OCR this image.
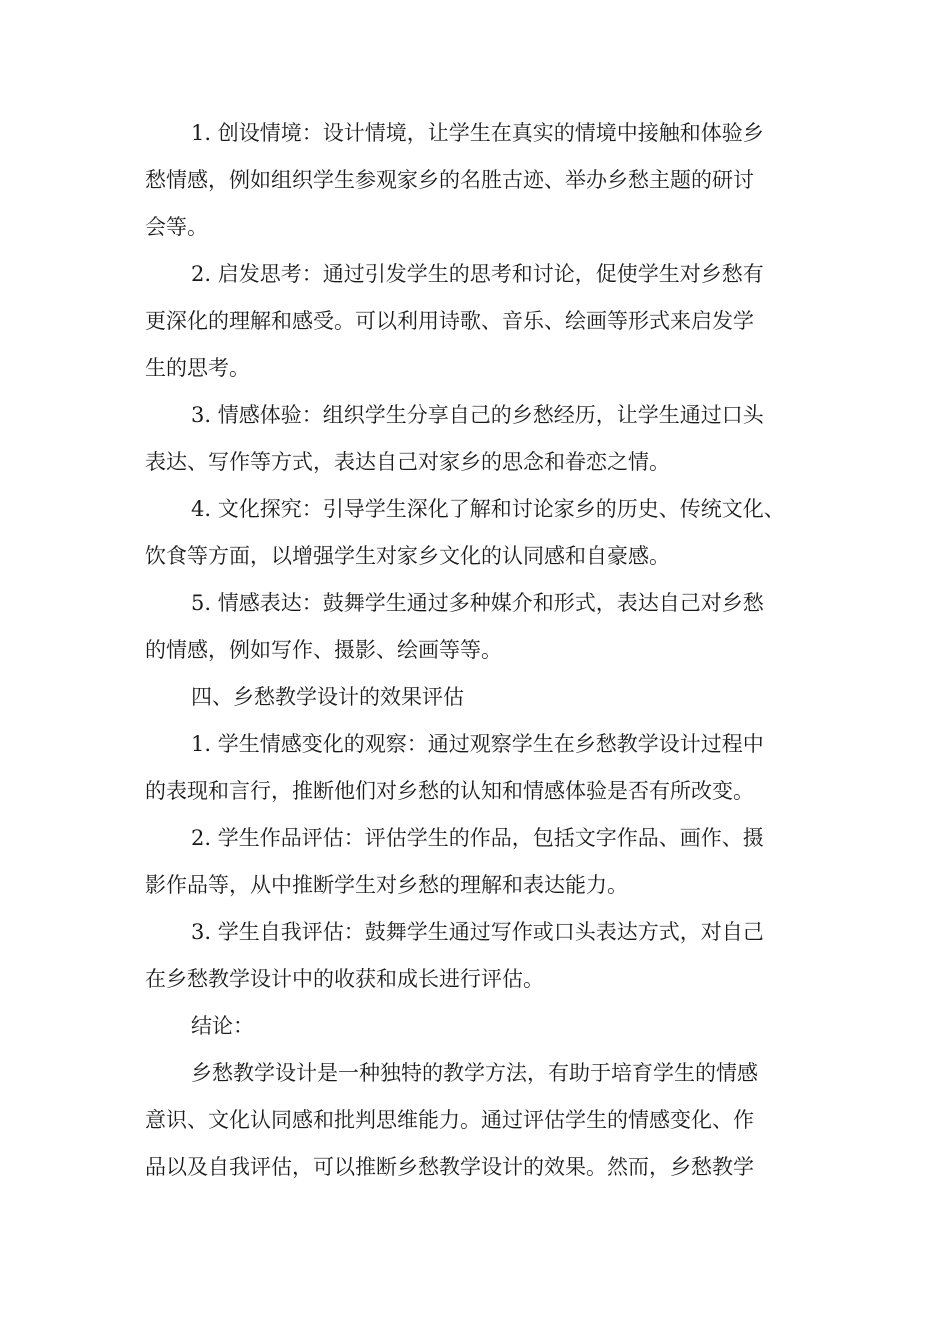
1. 创设情境：设计情境，让学生在真实的情境中接触和体验乡
愁情感，例如组织学生参观家乡的名胜古迹、举办乡愁主题的研讨
会等。

2. 启发思考：通过引发学生的思考和讨论，促使学生对乡愁有
更深化的理解和感受。可以利用诗歌、音乐、绘画等形式来启发学
生的思考。

3. 情感体验：组织学生分享自己的乡愁经历，让学生通过口头
表达、写作等方式，表达自己对家乡的思念和眷恋之情。

4. 文化探究：引导学生深化了解和讨论家乡的历史、传统文化、
饮食等方面，以增强学生对家乡文化的认同感和自豪感。

5. 情感表达：鼓舞学生通过多种媒介和形式，表达自己对乡愁
的情感，例如写作、摄影、绘画等等。

四、乡愁教学设计的效果评估

1. 学生情感变化的观察：通过观察学生在乡愁教学设计过程中
的表现和言行，推断他们对乡愁的认知和情感体验是否有所改变。

2. 学生作品评估：评估学生的作品，包括文字作品、画作、摄
影作品等，从中推断学生对乡愁的理解和表达能力。

3. 学生自我评估：鼓舞学生通过写作或口头表达方式，对自己
在乡愁教学设计中的收获和成长进行评估。

结论：

乡愁教学设计是一种独特的教学方法，有助于培育学生的情感
意识、文化认同感和批判思维能力。通过评估学生的情感变化、作
品以及自我评估，可以推断乡愁教学设计的效果。然而，乡愁教学
